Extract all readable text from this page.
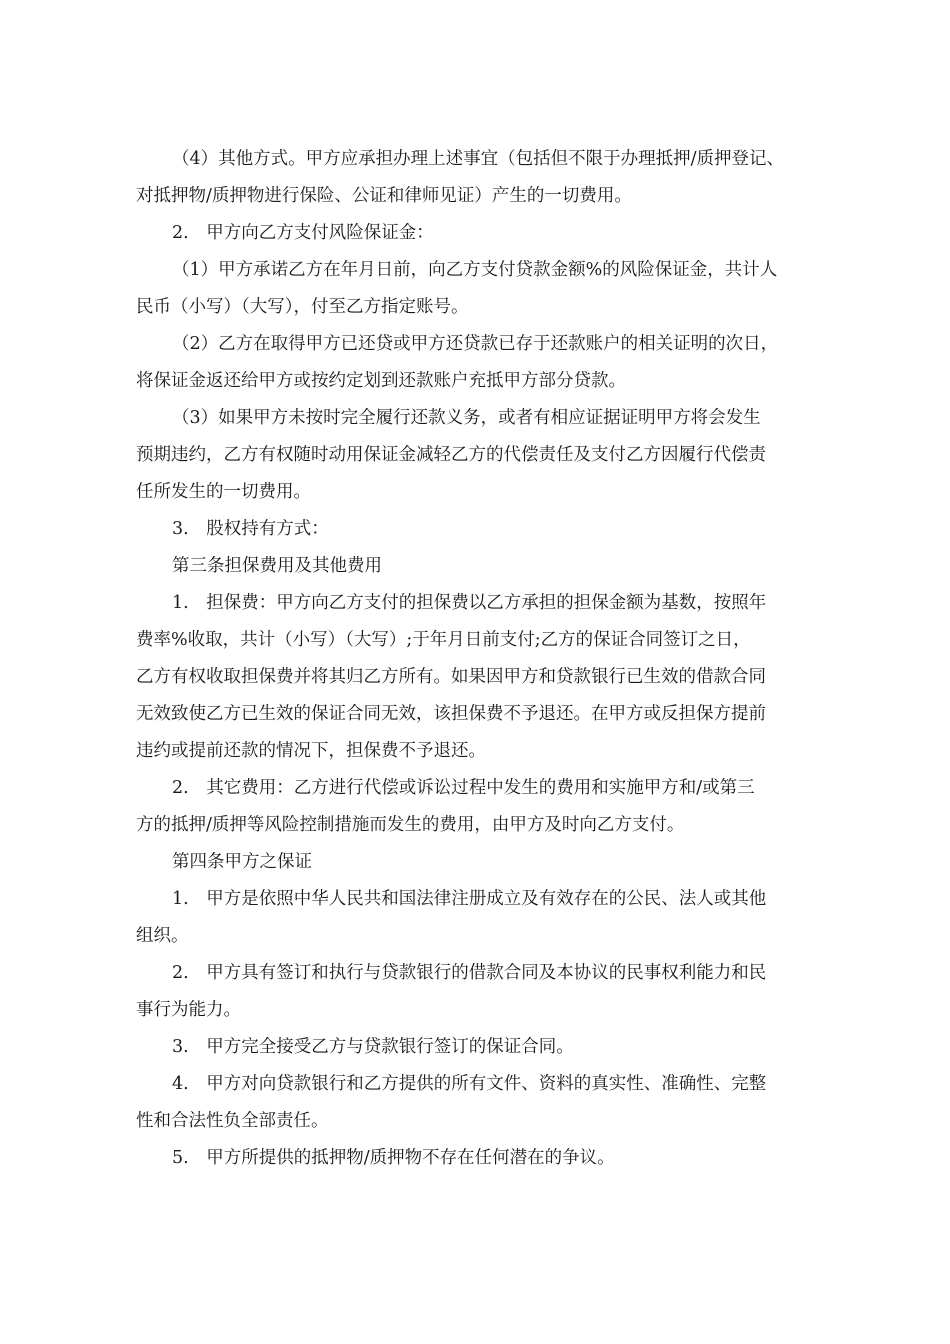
（4）其他方式。甲方应承担办理上述事宜（包括但不限于办理抵押/质押登记、
对抵押物/质押物进行保险、公证和律师见证）产生的一切费用。

2.　甲方向乙方支付风险保证金：

（1）甲方承诺乙方在年月日前，向乙方支付贷款金额%的风险保证金，共计人
民币（小写）（大写），付至乙方指定账号。

（2）乙方在取得甲方已还贷或甲方还贷款已存于还款账户的相关证明的次日，
将保证金返还给甲方或按约定划到还款账户充抵甲方部分贷款。

（3）如果甲方未按时完全履行还款义务，或者有相应证据证明甲方将会发生
预期违约，乙方有权随时动用保证金减轻乙方的代偿责任及支付乙方因履行代偿责
任所发生的一切费用。

3.　股权持有方式：

第三条担保费用及其他费用

1.　担保费：甲方向乙方支付的担保费以乙方承担的担保金额为基数，按照年
费率%收取，共计（小写）（大写）;于年月日前支付;乙方的保证合同签订之日，
乙方有权收取担保费并将其归乙方所有。如果因甲方和贷款银行已生效的借款合同
无效致使乙方已生效的保证合同无效，该担保费不予退还。在甲方或反担保方提前
违约或提前还款的情况下，担保费不予退还。

2.　其它费用：乙方进行代偿或诉讼过程中发生的费用和实施甲方和/或第三
方的抵押/质押等风险控制措施而发生的费用，由甲方及时向乙方支付。

第四条甲方之保证

1.　甲方是依照中华人民共和国法律注册成立及有效存在的公民、法人或其他
组织。

2.　甲方具有签订和执行与贷款银行的借款合同及本协议的民事权利能力和民
事行为能力。

3.　甲方完全接受乙方与贷款银行签订的保证合同。

4.　甲方对向贷款银行和乙方提供的所有文件、资料的真实性、准确性、完整
性和合法性负全部责任。

5.　甲方所提供的抵押物/质押物不存在任何潜在的争议。
